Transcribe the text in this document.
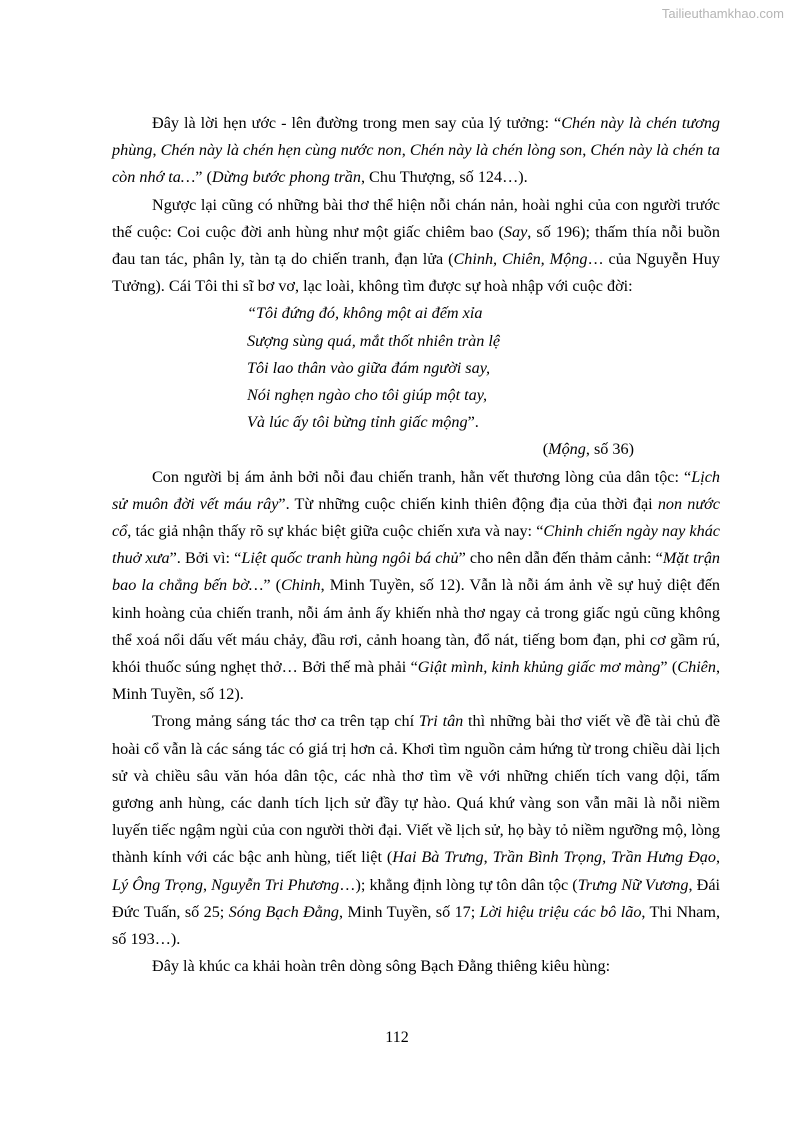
Tailieuthamkhao.com

Đây là lời hẹn ước - lên đường trong men say của lý tưởng: “Chén này là chén tương phùng, Chén này là chén hẹn cùng nước non, Chén này là chén lòng son, Chén này là chén ta còn nhớ ta…” (Dừng bước phong trần, Chu Thượng, số 124…).

Ngược lại cũng có những bài thơ thể hiện nỗi chán nản, hoài nghi của con người trước thế cuộc: Coi cuộc đời anh hùng như một giấc chiêm bao (Say, số 196); thấm thía nỗi buồn đau tan tác, phân ly, tàn tạ do chiến tranh, đạn lửa (Chinh, Chiên, Mộng… của Nguyễn Huy Tưởng). Cái Tôi thi sĩ bơ vơ, lạc loài, không tìm được sự hoà nhập với cuộc đời:

“Tôi đứng đó, không một ai đếm xỉa
Sượng sùng quá, mắt thốt nhiên tràn lệ
Tôi lao thân vào giữa đám người say,
Nói nghẹn ngào cho tôi giúp một tay,
Và lúc ấy tôi bừng tỉnh giấc mộng”.

(Mộng, số 36)

Con người bị ám ảnh bởi nỗi đau chiến tranh, hằn vết thương lòng của dân tộc: “Lịch sử muôn đời vết máu rây”. Từ những cuộc chiến kinh thiên động địa của thời đại non nước cổ, tác giả nhận thấy rõ sự khác biệt giữa cuộc chiến xưa và nay: “Chinh chiến ngày nay khác thuở xưa”. Bởi vì: “Liệt quốc tranh hùng ngôi bá chủ” cho nên dẫn đến thảm cảnh: “Mặt trận bao la chẳng bến bờ…” (Chinh, Minh Tuyền, số 12). Vẫn là nỗi ám ảnh về sự huỷ diệt đến kinh hoàng của chiến tranh, nỗi ám ảnh ấy khiến nhà thơ ngay cả trong giấc ngủ cũng không thể xoá nổi dấu vết máu chảy, đầu rơi, cảnh hoang tàn, đổ nát, tiếng bom đạn, phi cơ gầm rú, khói thuốc súng nghẹt thở… Bởi thế mà phải “Giật mình, kinh khủng giấc mơ màng” (Chiên, Minh Tuyền, số 12).

Trong mảng sáng tác thơ ca trên tạp chí Tri tân thì những bài thơ viết về đề tài chủ đề hoài cổ vẫn là các sáng tác có giá trị hơn cả. Khơi tìm nguồn cảm hứng từ trong chiều dài lịch sử và chiều sâu văn hóa dân tộc, các nhà thơ tìm về với những chiến tích vang dội, tấm gương anh hùng, các danh tích lịch sử đầy tự hào. Quá khứ vàng son vẫn mãi là nỗi niềm luyến tiếc ngậm ngùi của con người thời đại. Viết về lịch sử, họ bày tỏ niềm ngưỡng mộ, lòng thành kính với các bậc anh hùng, tiết liệt (Hai Bà Trưng, Trần Bình Trọng, Trần Hưng Đạo, Lý Ông Trọng, Nguyễn Tri Phương…); khẳng định lòng tự tôn dân tộc (Trưng Nữ Vương, Đái Đức Tuấn, số 25; Sóng Bạch Đằng, Minh Tuyền, số 17; Lời hiệu triệu các bô lão, Thi Nham, số 193…).

Đây là khúc ca khải hoàn trên dòng sông Bạch Đằng thiêng kiêu hùng:

112
